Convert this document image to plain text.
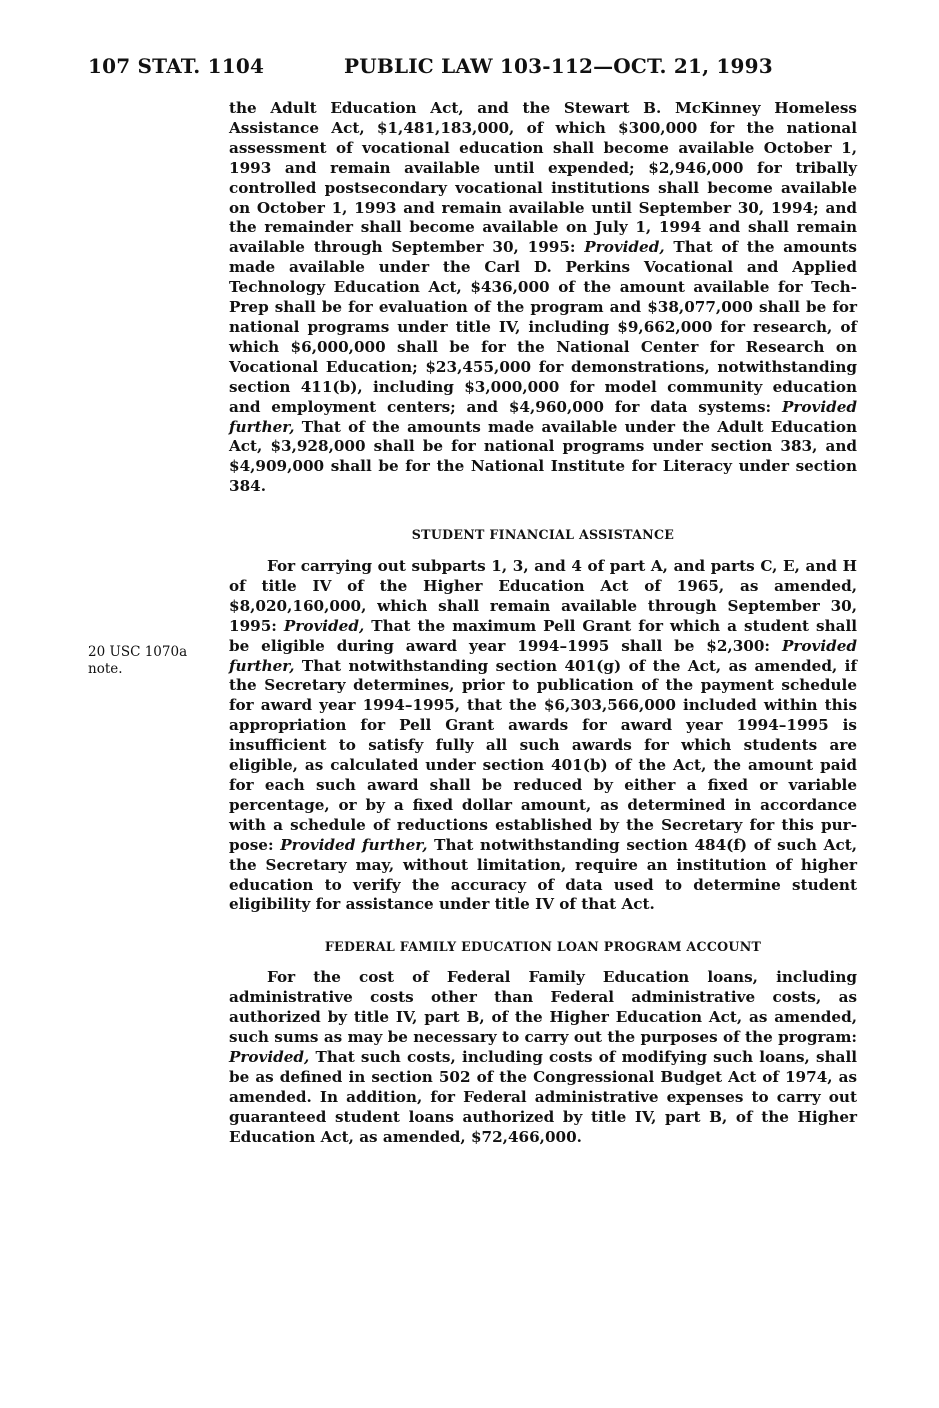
107 STAT. 1104	PUBLIC LAW 103-112—OCT. 21, 1993
20 USC 1070a
note.

the Adult Education Act, and the Stewart B. McKinney Homeless Assistance Act, $1,481,183,000, of which $300,000 for the national assessment of vocational education shall become available October 1, 1993 and remain available until expended; $2,946,000 for tribally controlled postsecondary vocational institutions shall become available on October 1, 1993 and remain available until September 30, 1994; and the remainder shall become available on July 1, 1994 and shall remain available through September 30, 1995: Provided, That of the amounts made available under the Carl D. Perkins Vocational and Applied Technology Education Act, $436,000 of the amount available for Tech-Prep shall be for evaluation of the program and $38,077,000 shall be for national programs under title IV, including $9,662,000 for research, of which $6,000,000 shall be for the National Center for Research on Vocational Education; $23,455,000 for demonstrations, notwithstanding section 411(b), including $3,000,000 for model community education and employment centers; and $4,960,000 for data systems: Provided further, That of the amounts made available under the Adult Education Act, $3,928,000 shall be for national programs under section 383, and $4,909,000 shall be for the National Institute for Literacy under section 384.

STUDENT FINANCIAL ASSISTANCE

For carrying out subparts 1, 3, and 4 of part A, and parts C, E, and H of title IV of the Higher Education Act of 1965, as amended, $8,020,160,000, which shall remain available through September 30, 1995: Provided, That the maximum Pell Grant for which a student shall be eligible during award year 1994–1995 shall be $2,300: Provided further, That notwithstanding section 401(g) of the Act, as amended, if the Secretary determines, prior to publication of the payment schedule for award year 1994–1995, that the $6,303,566,000 included within this appropriation for Pell Grant awards for award year 1994–1995 is insufficient to satisfy fully all such awards for which students are eligible, as calculated under section 401(b) of the Act, the amount paid for each such award shall be reduced by either a fixed or variable percentage, or by a fixed dollar amount, as determined in accordance with a schedule of reductions established by the Secretary for this purpose: Provided further, That notwithstanding section 484(f) of such Act, the Secretary may, without limitation, require an institution of higher education to verify the accuracy of data used to determine student eligibility for assistance under title IV of that Act.

FEDERAL FAMILY EDUCATION LOAN PROGRAM ACCOUNT

For the cost of Federal Family Education loans, including administrative costs other than Federal administrative costs, as authorized by title IV, part B, of the Higher Education Act, as amended, such sums as may be necessary to carry out the purposes of the program: Provided, That such costs, including costs of modifying such loans, shall be as defined in section 502 of the Congressional Budget Act of 1974, as amended. In addition, for Federal administrative expenses to carry out guaranteed student loans authorized by title IV, part B, of the Higher Education Act, as amended, $72,466,000.
